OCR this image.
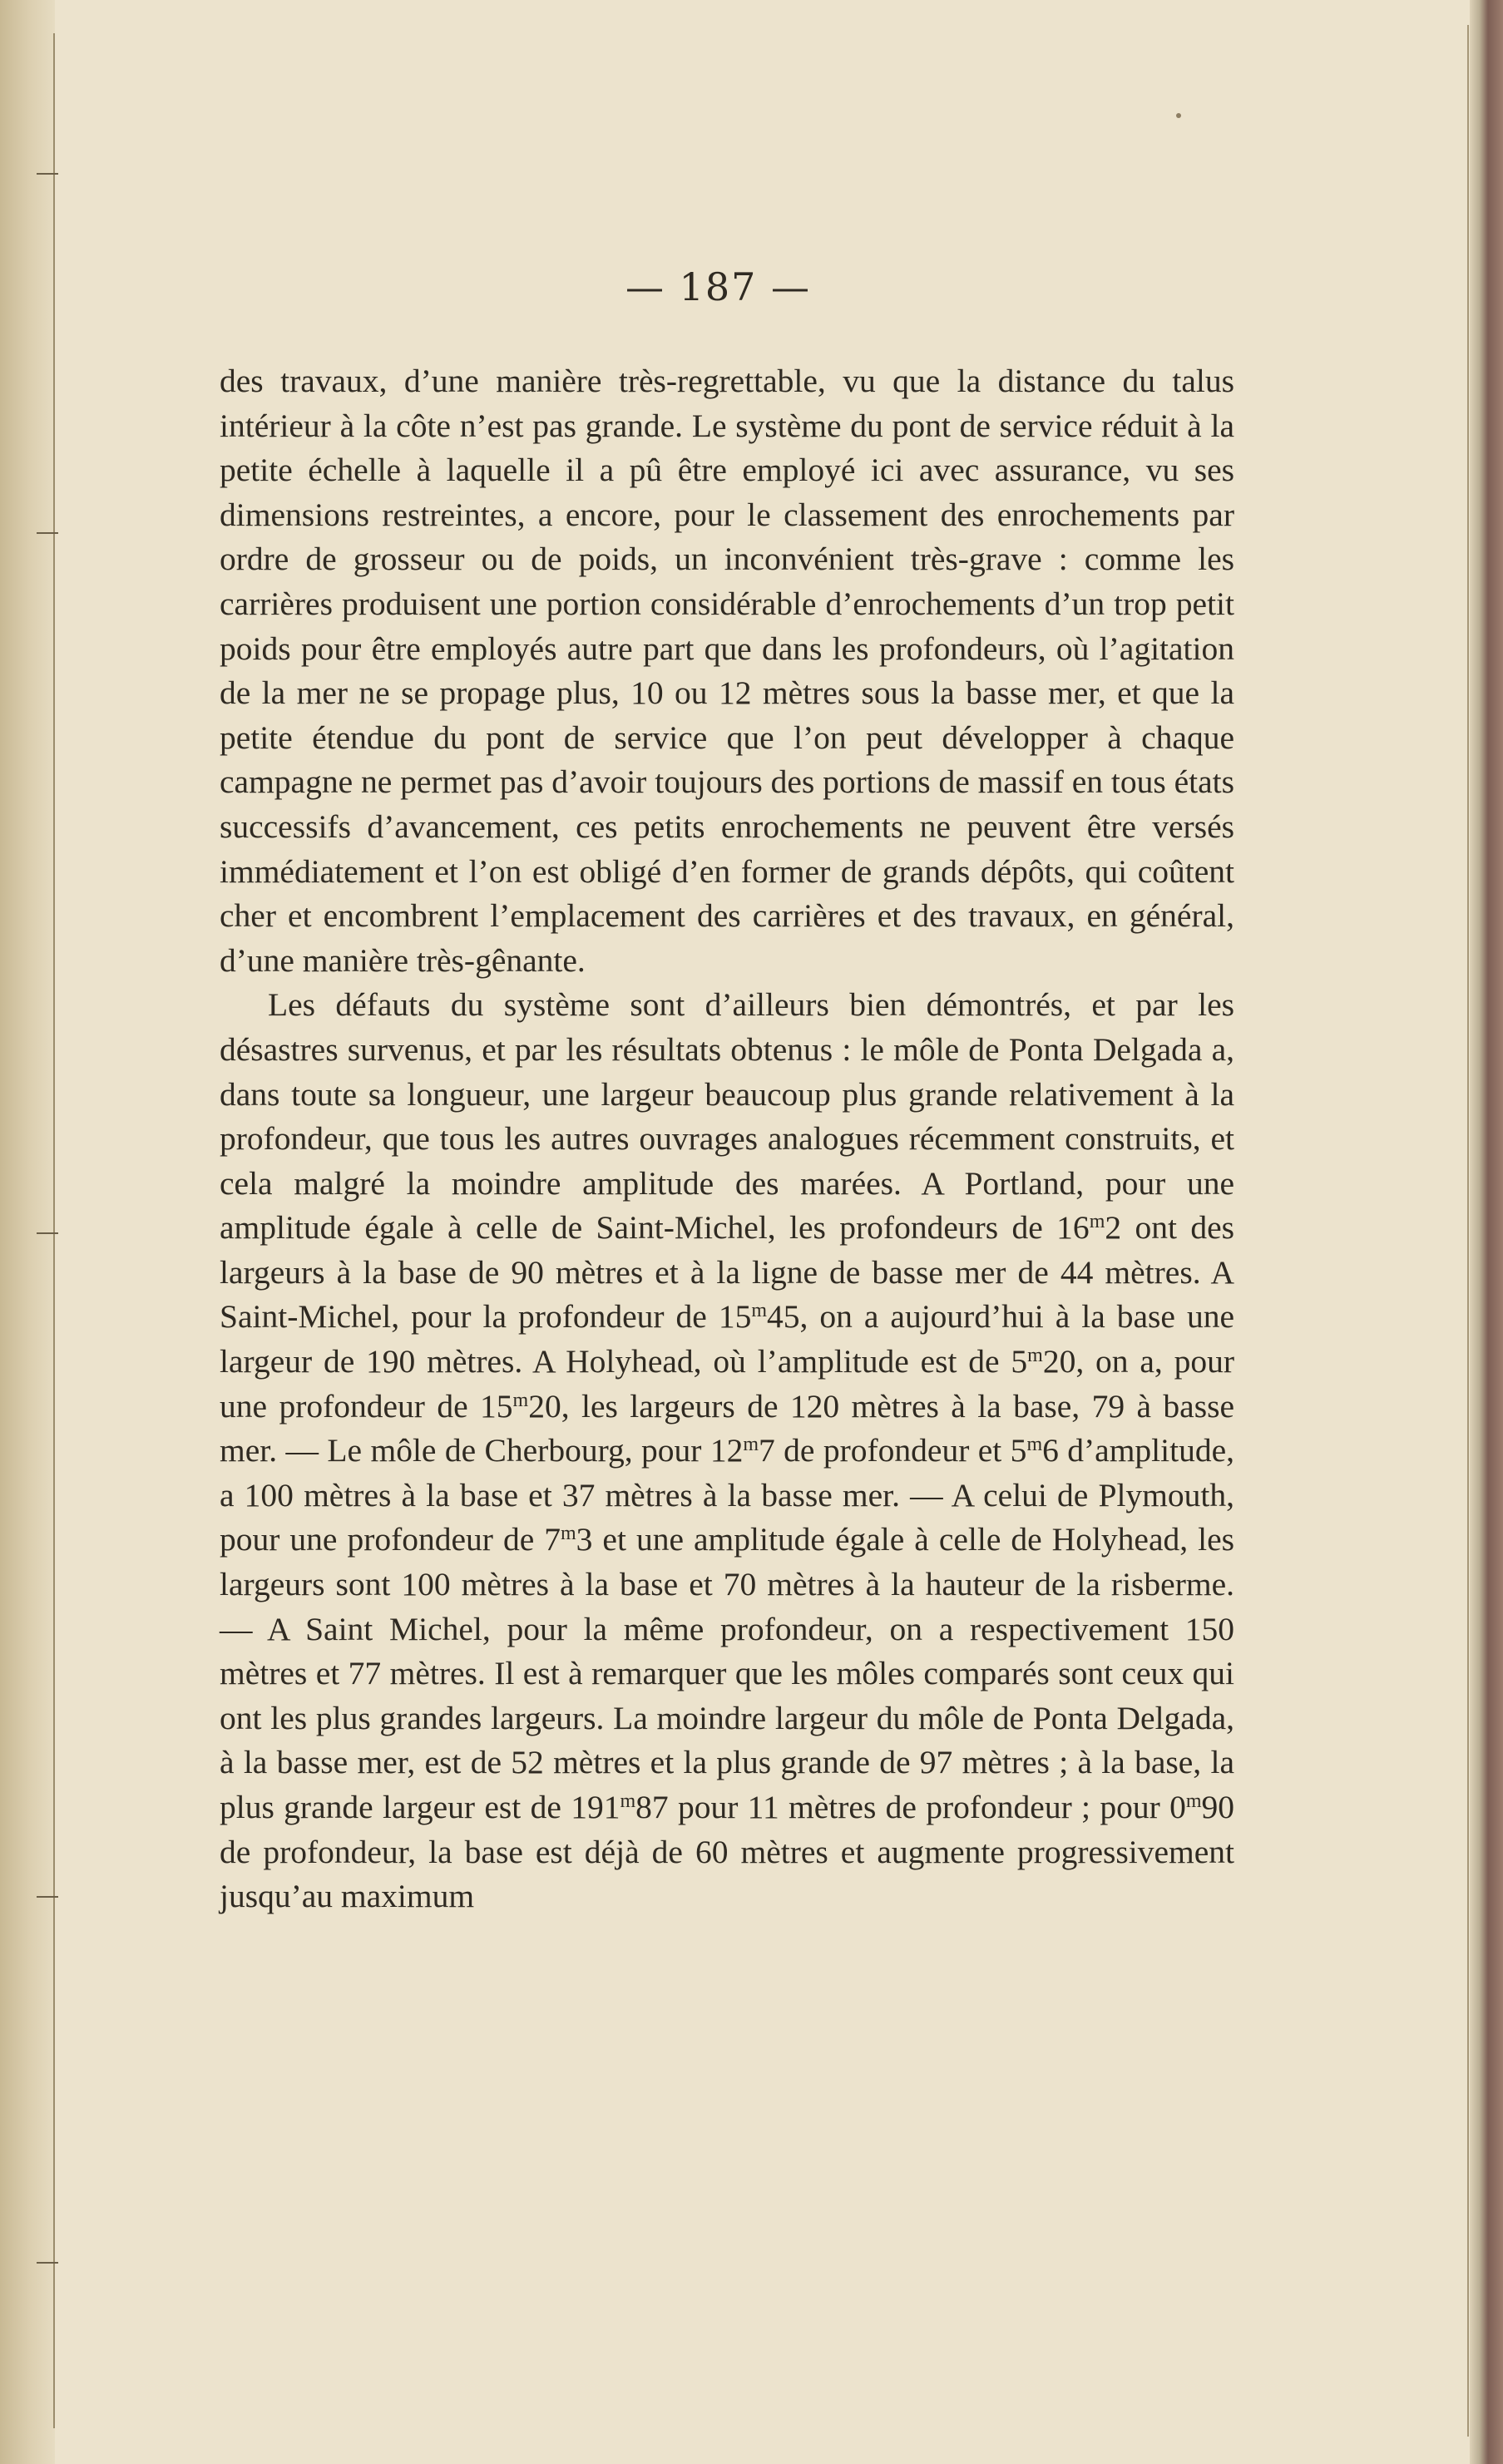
— 187 —

des travaux, d’une manière très-regrettable, vu que la distance du talus intérieur à la côte n’est pas grande. Le système du pont de service réduit à la petite échelle à laquelle il a pû être employé ici avec assurance, vu ses dimensions restreintes, a encore, pour le classement des enrochements par ordre de grosseur ou de poids, un inconvénient très-grave : comme les carrières produisent une portion considérable d’enrochements d’un trop petit poids pour être employés autre part que dans les profondeurs, où l’agitation de la mer ne se propage plus, 10 ou 12 mètres sous la basse mer, et que la petite étendue du pont de service que l’on peut développer à chaque campagne ne permet pas d’avoir toujours des portions de massif en tous états successifs d’avancement, ces petits enrochements ne peuvent être versés immédiatement et l’on est obligé d’en former de grands dépôts, qui coûtent cher et encombrent l’emplacement des carrières et des travaux, en général, d’une manière très-gênante.

Les défauts du système sont d’ailleurs bien démontrés, et par les désastres survenus, et par les résultats obtenus : le môle de Ponta Delgada a, dans toute sa longueur, une largeur beaucoup plus grande relativement à la profondeur, que tous les autres ouvrages analogues récemment construits, et cela malgré la moindre amplitude des marées. A Portland, pour une amplitude égale à celle de Saint-Michel, les profondeurs de 16$^m$2 ont des largeurs à la base de 90 mètres et à la ligne de basse mer de 44 mètres. A Saint-Michel, pour la profondeur de 15$^m$45, on a aujourd’hui à la base une largeur de 190 mètres. A Holyhead, où l’amplitude est de 5$^m$20, on a, pour une profondeur de 15$^m$20, les largeurs de 120 mètres à la base, 79 à basse mer. — Le môle de Cherbourg, pour 12$^m$7 de profondeur et 5$^m$6 d’amplitude, a 100 mètres à la base et 37 mètres à la basse mer. — A celui de Plymouth, pour une profondeur de 7$^m$3 et une amplitude égale à celle de Holyhead, les largeurs sont 100 mètres à la base et 70 mètres à la hauteur de la risberme. — A Saint Michel, pour la même profondeur, on a respectivement 150 mètres et 77 mètres. Il est à remarquer que les môles comparés sont ceux qui ont les plus grandes largeurs. La moindre largeur du môle de Ponta Delgada, à la basse mer, est de 52 mètres et la plus grande de 97 mètres ; à la base, la plus grande largeur est de 191$^m$87 pour 11 mètres de profondeur ; pour 0$^m$90 de profondeur, la base est déjà de 60 mètres et augmente progressivement jusqu’au maximum
